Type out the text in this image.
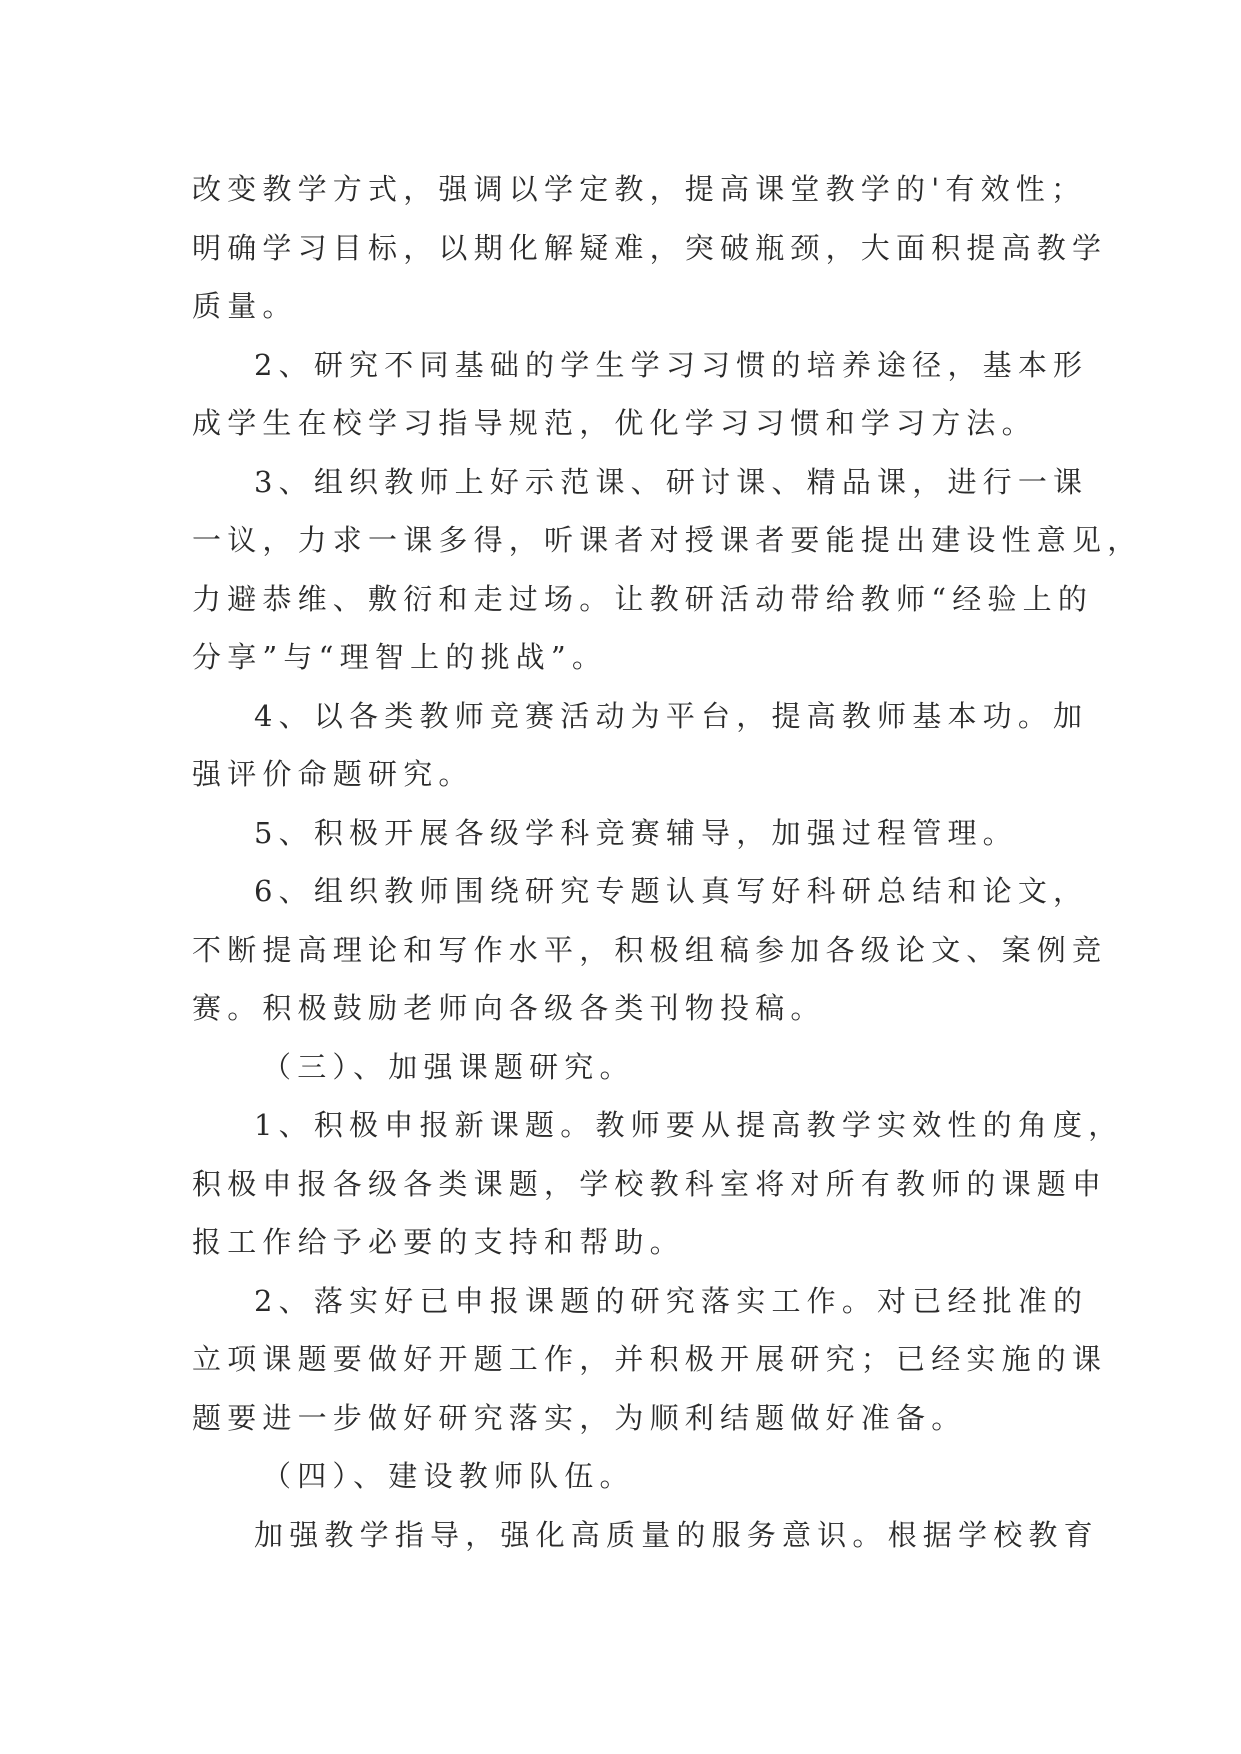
改变教学方式，强调以学定教，提高课堂教学的'有效性；
明确学习目标，以期化解疑难，突破瓶颈，大面积提高教学
质量。
2、研究不同基础的学生学习习惯的培养途径，基本形
成学生在校学习指导规范，优化学习习惯和学习方法。
3、组织教师上好示范课、研讨课、精品课，进行一课
一议，力求一课多得，听课者对授课者要能提出建设性意见，
力避恭维、敷衍和走过场。让教研活动带给教师“经验上的
分享”与“理智上的挑战”。
4、以各类教师竞赛活动为平台，提高教师基本功。加
强评价命题研究。
5、积极开展各级学科竞赛辅导，加强过程管理。
6、组织教师围绕研究专题认真写好科研总结和论文，
不断提高理论和写作水平，积极组稿参加各级论文、案例竞
赛。积极鼓励老师向各级各类刊物投稿。
（三）、加强课题研究。
1、积极申报新课题。教师要从提高教学实效性的角度，
积极申报各级各类课题，学校教科室将对所有教师的课题申
报工作给予必要的支持和帮助。
2、落实好已申报课题的研究落实工作。对已经批准的
立项课题要做好开题工作，并积极开展研究；已经实施的课
题要进一步做好研究落实，为顺利结题做好准备。
（四）、建设教师队伍。
加强教学指导，强化高质量的服务意识。根据学校教育
